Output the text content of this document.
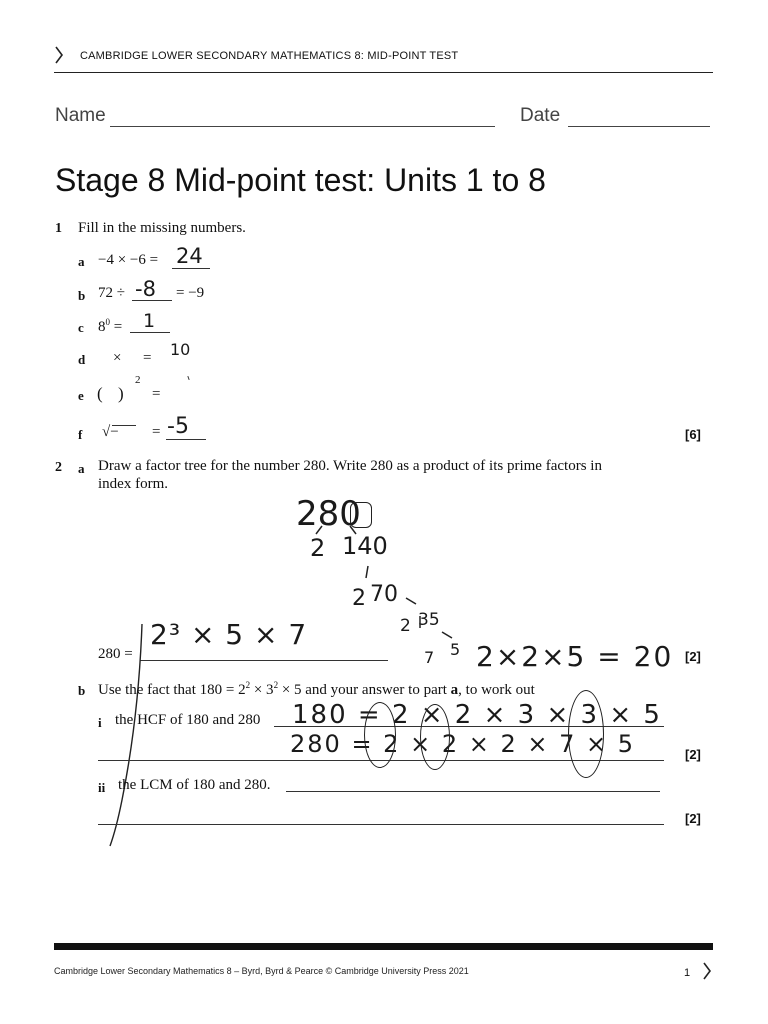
CAMBRIDGE LOWER SECONDARY MATHEMATICS 8: MID-POINT TEST
Name	Date
Stage 8 Mid-point test: Units 1 to 8
1 Fill in the missing numbers.
a −4 × −6 = 24
b 72 ÷ -8 = −9
c $8^0 = 1$
d × = 10
e ( )
2
=
f √− = -5	[6]
2 a Draw a factor tree for the number 280. Write 280 as a product of its prime factors in
index form.
280
2 140
2 70
2 35
7 5 2×2×5 = 20
280 =
2³ × 5 × 7
[2]
b Use the fact that $180 = 2^2 \times 3^2 \times 5$ and your answer to part a, to work out
i the HCF of 180 and 280 180 = 2 × 2 × 3 × 3 × 5
280 = 2 × 2 × 2 × 7 × 5	[2]
ii the LCM of 180 and 280.
[2]
Cambridge Lower Secondary Mathematics 8 – Byrd, Byrd & Pearce © Cambridge University Press 2021	1
